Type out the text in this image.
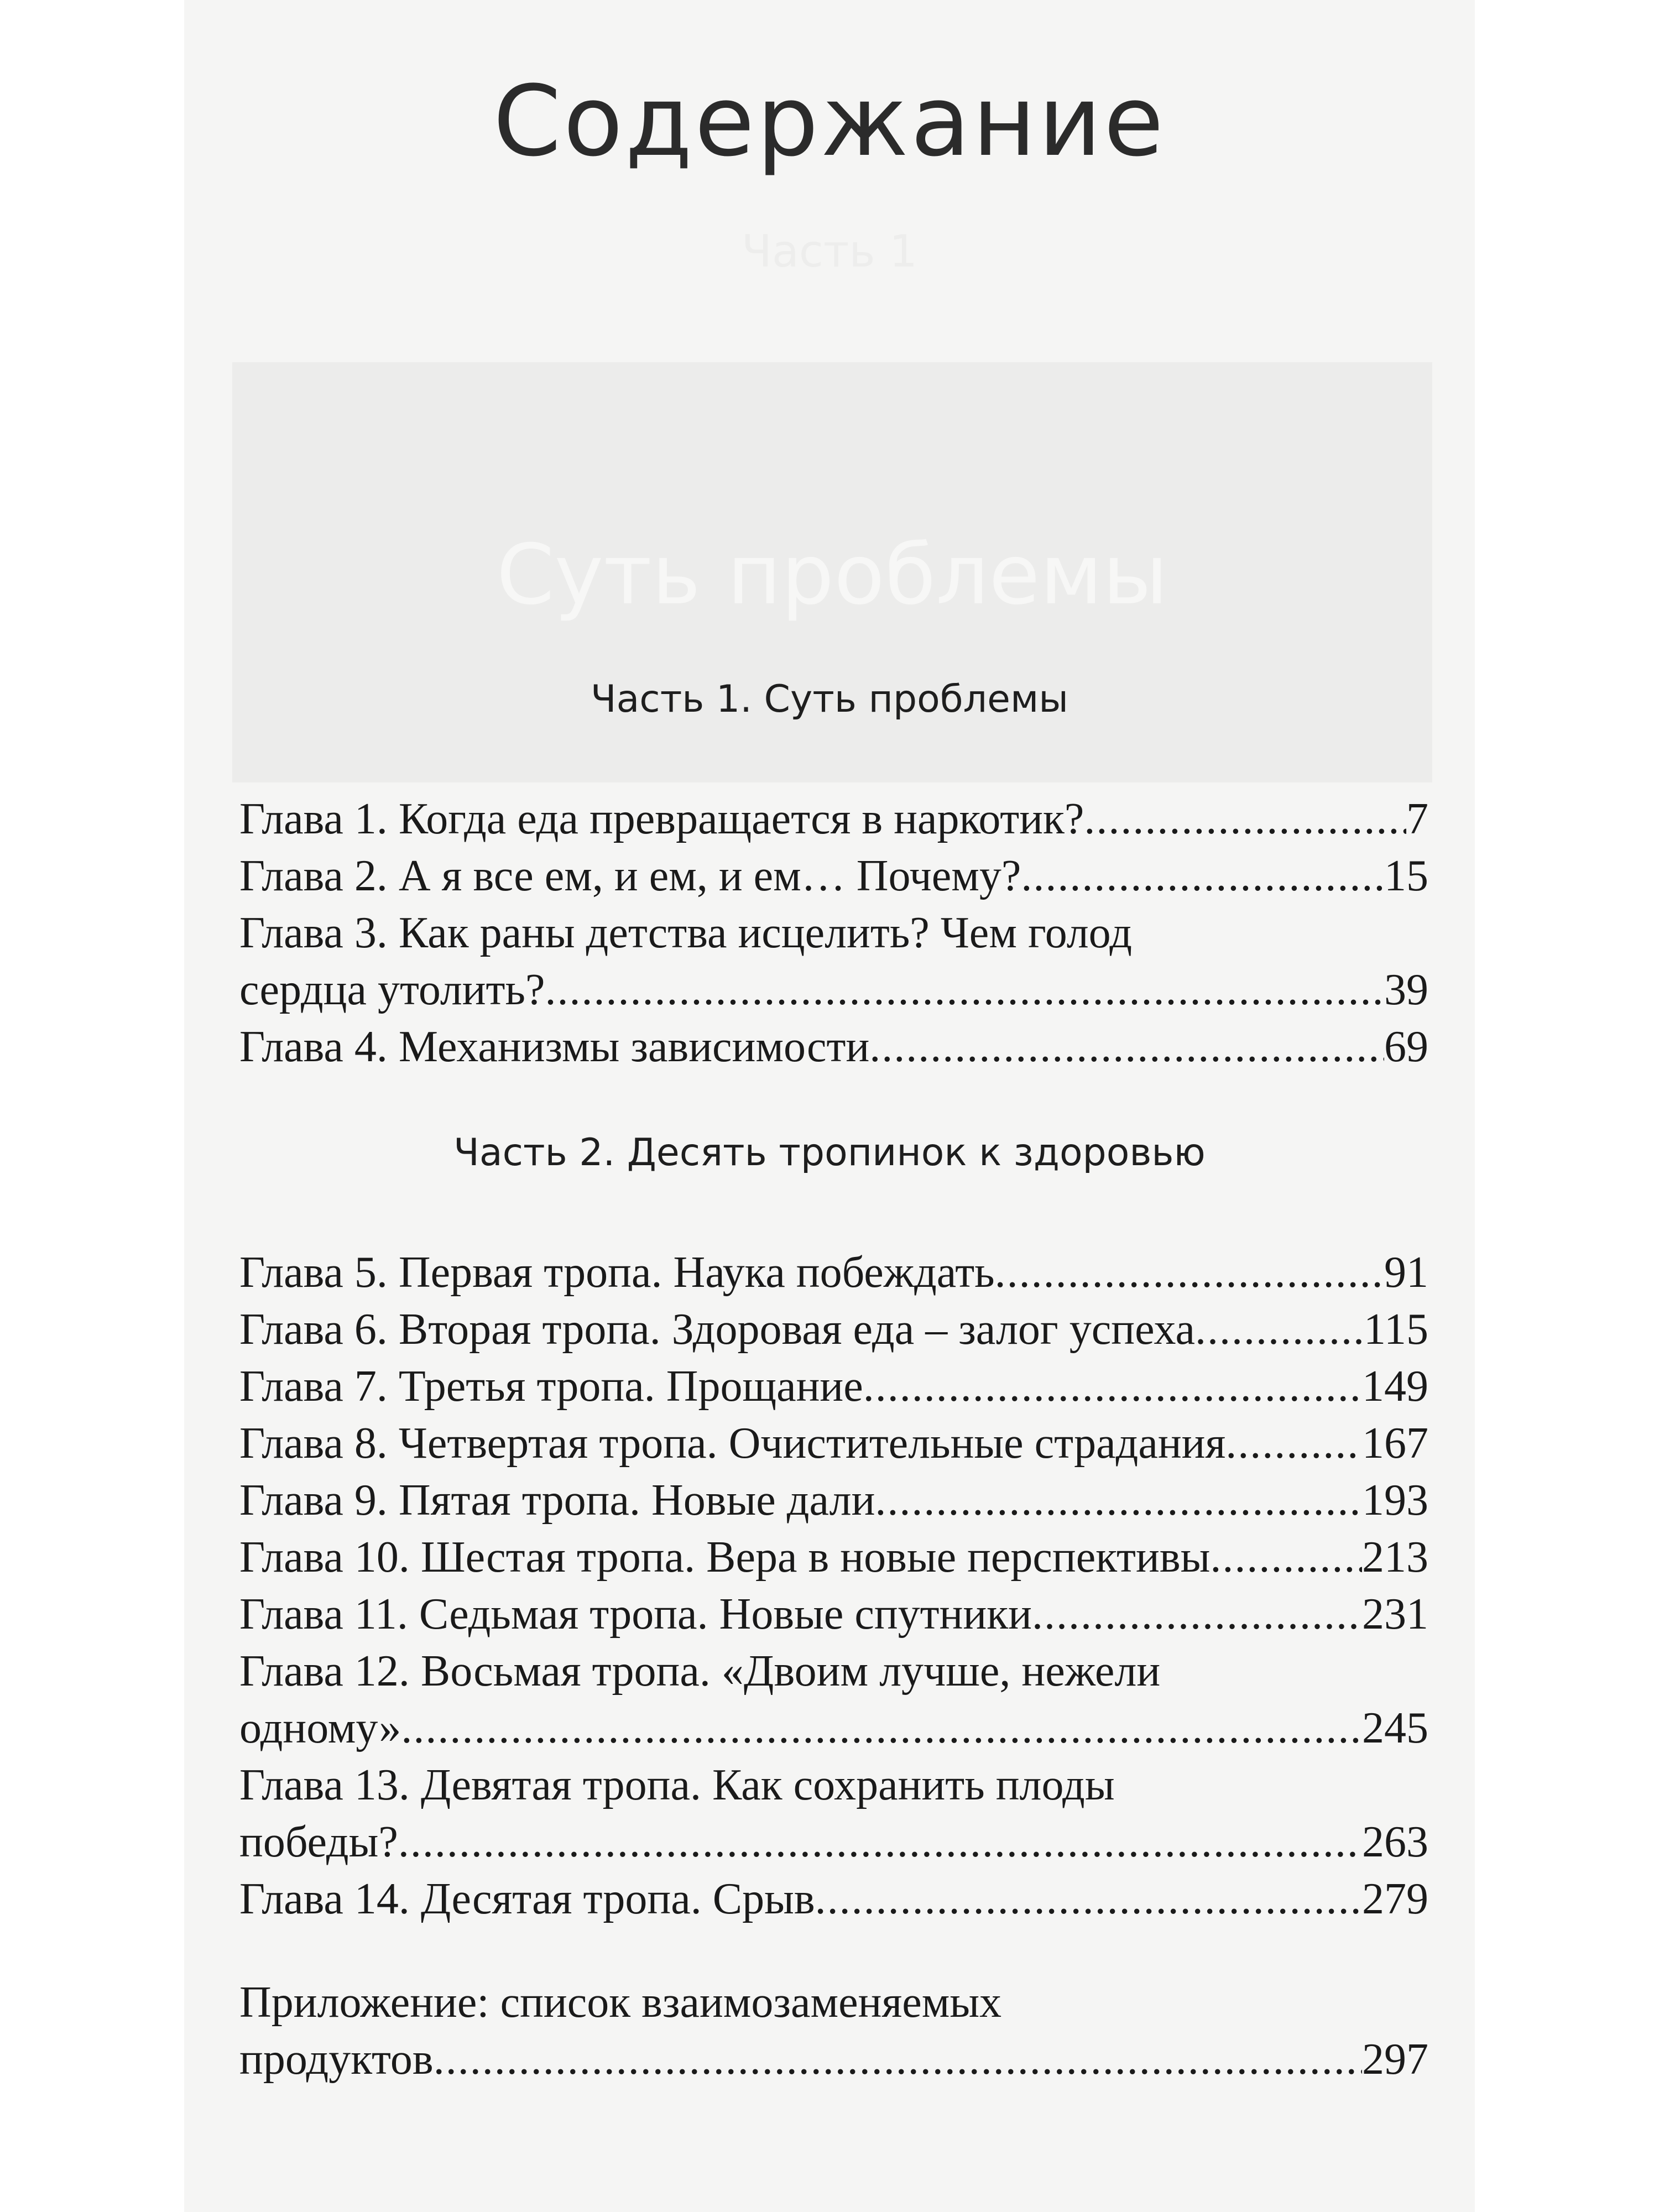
Содержание
Часть 1
Суть проблемы
Часть 1. Суть проблемы
Глава 1. Когда еда превращается в наркотик? .....	7
Глава 2. А я все ем, и ем, и ем… Почему? .....	15
Глава 3. Как раны детства исцелить? Чем голод
сердца утолить? .....	39
Глава 4. Механизмы зависимости .....	69
Часть 2. Десять тропинок к здоровью
Глава 5. Первая тропа. Наука побеждать .....	91
Глава 6. Вторая тропа. Здоровая еда – залог успеха .....	115
Глава 7. Третья тропа. Прощание .....	149
Глава 8. Четвертая тропа. Очистительные страдания .....	167
Глава 9. Пятая тропа. Новые дали .....	193
Глава 10. Шестая тропа. Вера в новые перспективы .....	213
Глава 11. Седьмая тропа. Новые спутники .....	231
Глава 12. Восьмая тропа. «Двоим лучше, нежели
одному» .....	245
Глава 13. Девятая тропа. Как сохранить плоды
победы? .....	263
Глава 14. Десятая тропа. Срыв .....	279
Приложение: список взаимозаменяемых
продуктов .....	297
